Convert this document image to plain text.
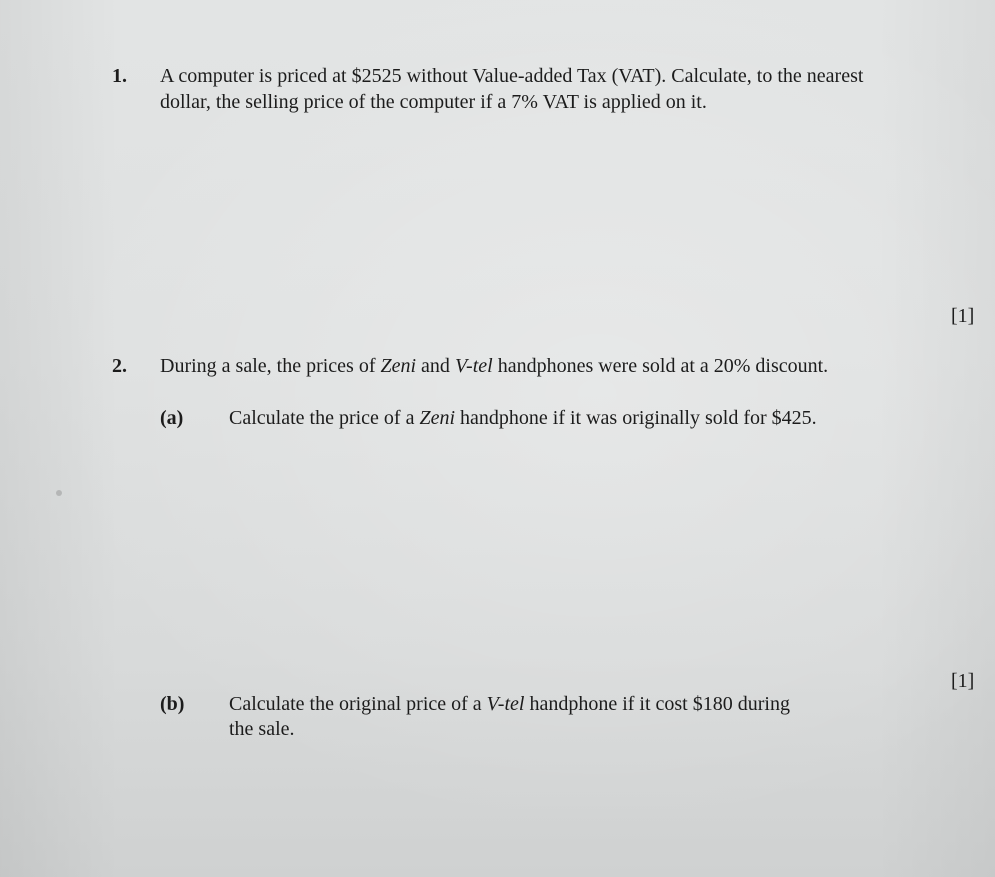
1. A computer is priced at $2525 without Value-added Tax (VAT). Calculate, to the nearest
dollar, the selling price of the computer if a 7% VAT is applied on it.
[1]
2. During a sale, the prices of Zeni and V-tel handphones were sold at a 20% discount.
(a) Calculate the price of a Zeni handphone if it was originally sold for $425.
[1]
(b) Calculate the original price of a V-tel handphone if it cost $180 during
the sale.
